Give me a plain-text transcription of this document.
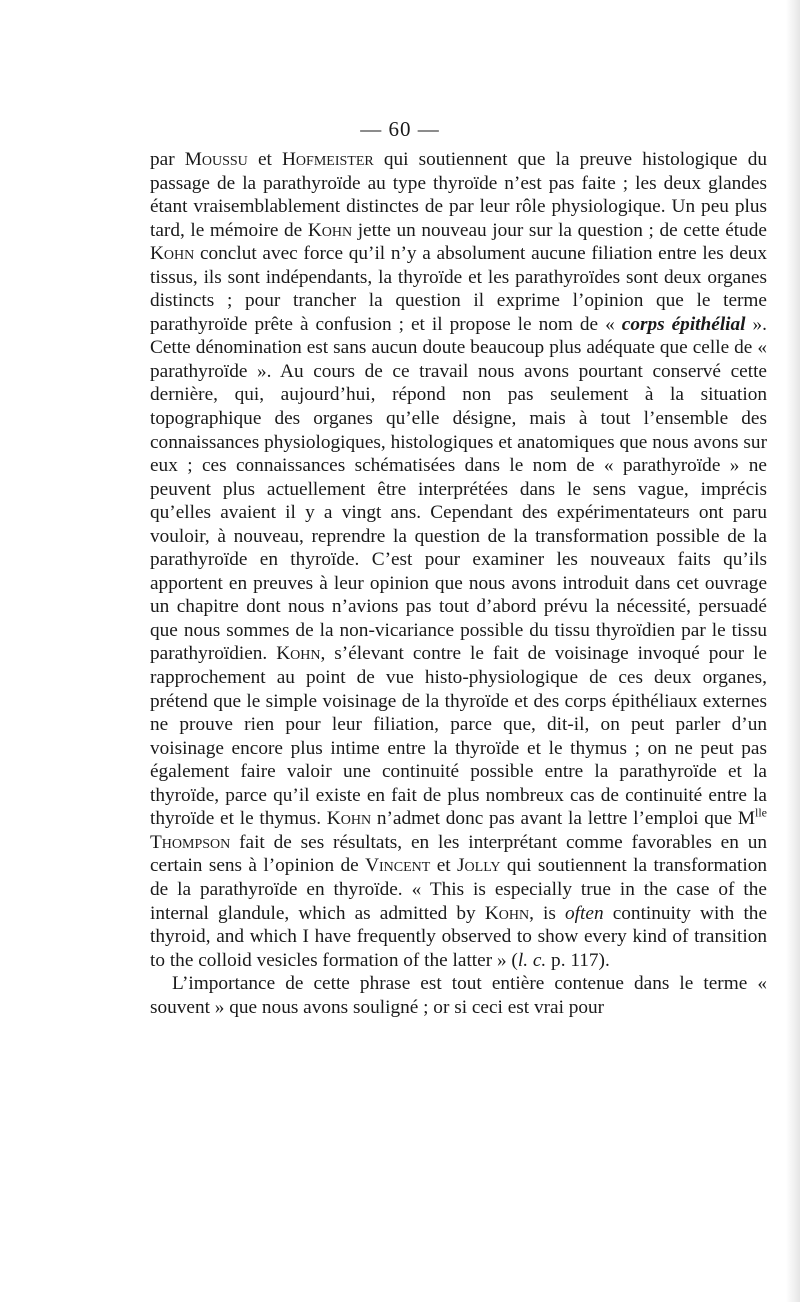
— 60 —

par Moussu et Hofmeister qui soutiennent que la preuve histologique du passage de la parathyroïde au type thyroïde n’est pas faite ; les deux glandes étant vraisemblablement distinctes de par leur rôle physiologique. Un peu plus tard, le mémoire de Kohn jette un nouveau jour sur la question ; de cette étude Kohn conclut avec force qu’il n’y a absolument aucune filiation entre les deux tissus, ils sont indépendants, la thyroïde et les parathyroïdes sont deux organes distincts ; pour trancher la question il exprime l’opinion que le terme parathyroïde prête à confusion ; et il propose le nom de « corps épithélial ». Cette dénomination est sans aucun doute beaucoup plus adéquate que celle de « parathyroïde ». Au cours de ce travail nous avons pourtant conservé cette dernière, qui, aujourd’hui, répond non pas seulement à la situation topographique des organes qu’elle désigne, mais à tout l’ensemble des connaissances physiologiques, histologiques et anatomiques que nous avons sur eux ; ces connaissances schématisées dans le nom de « parathyroïde » ne peuvent plus actuellement être interprétées dans le sens vague, imprécis qu’elles avaient il y a vingt ans. Cependant des expérimentateurs ont paru vouloir, à nouveau, reprendre la question de la transformation possible de la parathyroïde en thyroïde. C’est pour examiner les nouveaux faits qu’ils apportent en preuves à leur opinion que nous avons introduit dans cet ouvrage un chapitre dont nous n’avions pas tout d’abord prévu la nécessité, persuadé que nous sommes de la non-vicariance possible du tissu thyroïdien par le tissu parathyroïdien. Kohn, s’élevant contre le fait de voisinage invoqué pour le rapprochement au point de vue histo-physiologique de ces deux organes, prétend que le simple voisinage de la thyroïde et des corps épithéliaux externes ne prouve rien pour leur filiation, parce que, dit-il, on peut parler d’un voisinage encore plus intime entre la thyroïde et le thymus ; on ne peut pas également faire valoir une continuité possible entre la parathyroïde et la thyroïde, parce qu’il existe en fait de plus nombreux cas de continuité entre la thyroïde et le thymus. Kohn n’admet donc pas avant la lettre l’emploi que $M^{lle}$ Thompson fait de ses résultats, en les interprétant comme favorables en un certain sens à l’opinion de Vincent et Jolly qui soutiennent la transformation de la parathyroïde en thyroïde. « This is especially true in the case of the internal glandule, which as admitted by Kohn, is often continuity with the thyroid, and which I have frequently observed to show every kind of transition to the colloid vesicles formation of the latter » (l. c. p. 117).

L’importance de cette phrase est tout entière contenue dans le terme « souvent » que nous avons souligné ; or si ceci est vrai pour
